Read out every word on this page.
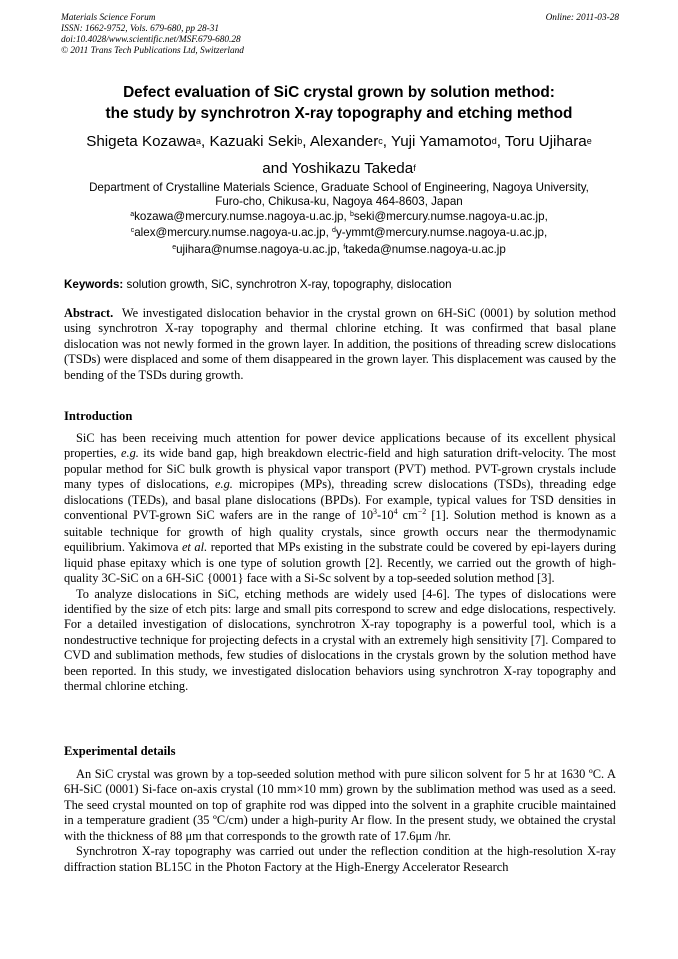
Materials Science Forum
ISSN: 1662-9752, Vols. 679-680, pp 28-31
doi:10.4028/www.scientific.net/MSF.679-680.28
© 2011 Trans Tech Publications Ltd, Switzerland
Online: 2011-03-28
Defect evaluation of SiC crystal grown by solution method:
the study by synchrotron X-ray topography and etching method
Shigeta Kozawa$^a$, Kazuaki Seki$^b$, Alexander$^c$, Yuji Yamamoto$^d$, Toru Ujihara$^e$
and Yoshikazu Takeda$^f$
Department of Crystalline Materials Science, Graduate School of Engineering, Nagoya University,
Furo-cho, Chikusa-ku, Nagoya 464-8603, Japan
$^a$kozawa@mercury.numse.nagoya-u.ac.jp, $^b$seki@mercury.numse.nagoya-u.ac.jp,
$^c$alex@mercury.numse.nagoya-u.ac.jp, $^d$y-ymmt@mercury.numse.nagoya-u.ac.jp,
$^e$ujihara@numse.nagoya-u.ac.jp, $^f$takeda@numse.nagoya-u.ac.jp
Keywords: solution growth, SiC, synchrotron X-ray, topography, dislocation

Abstract. We investigated dislocation behavior in the crystal grown on 6H-SiC (0001) by solution method using synchrotron X-ray topography and thermal chlorine etching. It was confirmed that basal plane dislocation was not newly formed in the grown layer. In addition, the positions of threading screw dislocations (TSDs) were displaced and some of them disappeared in the grown layer. This displacement was caused by the bending of the TSDs during growth.

Introduction

SiC has been receiving much attention for power device applications because of its excellent physical properties, e.g. its wide band gap, high breakdown electric-field and high saturation drift-velocity. The most popular method for SiC bulk growth is physical vapor transport (PVT) method. PVT-grown crystals include many types of dislocations, e.g. micropipes (MPs), threading screw dislocations (TSDs), threading edge dislocations (TEDs), and basal plane dislocations (BPDs). For example, typical values for TSD densities in conventional PVT-grown SiC wafers are in the range of $10^3-10^4$ $cm^{-2}$ [1]. Solution method is known as a suitable technique for growth of high quality crystals, since growth occurs near the thermodynamic equilibrium. Yakimova et al. reported that MPs existing in the substrate could be covered by epi-layers during liquid phase epitaxy which is one type of solution growth [2]. Recently, we carried out the growth of high-quality 3C-SiC on a 6H-SiC {0001} face with a Si-Sc solvent by a top-seeded solution method [3].

To analyze dislocations in SiC, etching methods are widely used [4-6]. The types of dislocations were identified by the size of etch pits: large and small pits correspond to screw and edge dislocations, respectively. For a detailed investigation of dislocations, synchrotron X-ray topography is a powerful tool, which is a nondestructive technique for projecting defects in a crystal with an extremely high sensitivity [7]. Compared to CVD and sublimation methods, few studies of dislocations in the crystals grown by the solution method have been reported. In this study, we investigated dislocation behaviors using synchrotron X-ray topography and thermal chlorine etching.

Experimental details

An SiC crystal was grown by a top-seeded solution method with pure silicon solvent for 5 hr at 1630 ºC. A 6H-SiC (0001) Si-face on-axis crystal (10 mm×10 mm) grown by the sublimation method was used as a seed. The seed crystal mounted on top of graphite rod was dipped into the solvent in a graphite crucible maintained in a temperature gradient (35 ºC/cm) under a high-purity Ar flow. In the present study, we obtained the crystal with the thickness of 88 μm that corresponds to the growth rate of 17.6μm /hr.

Synchrotron X-ray topography was carried out under the reflection condition at the high-resolution X-ray diffraction station BL15C in the Photon Factory at the High-Energy Accelerator Research
